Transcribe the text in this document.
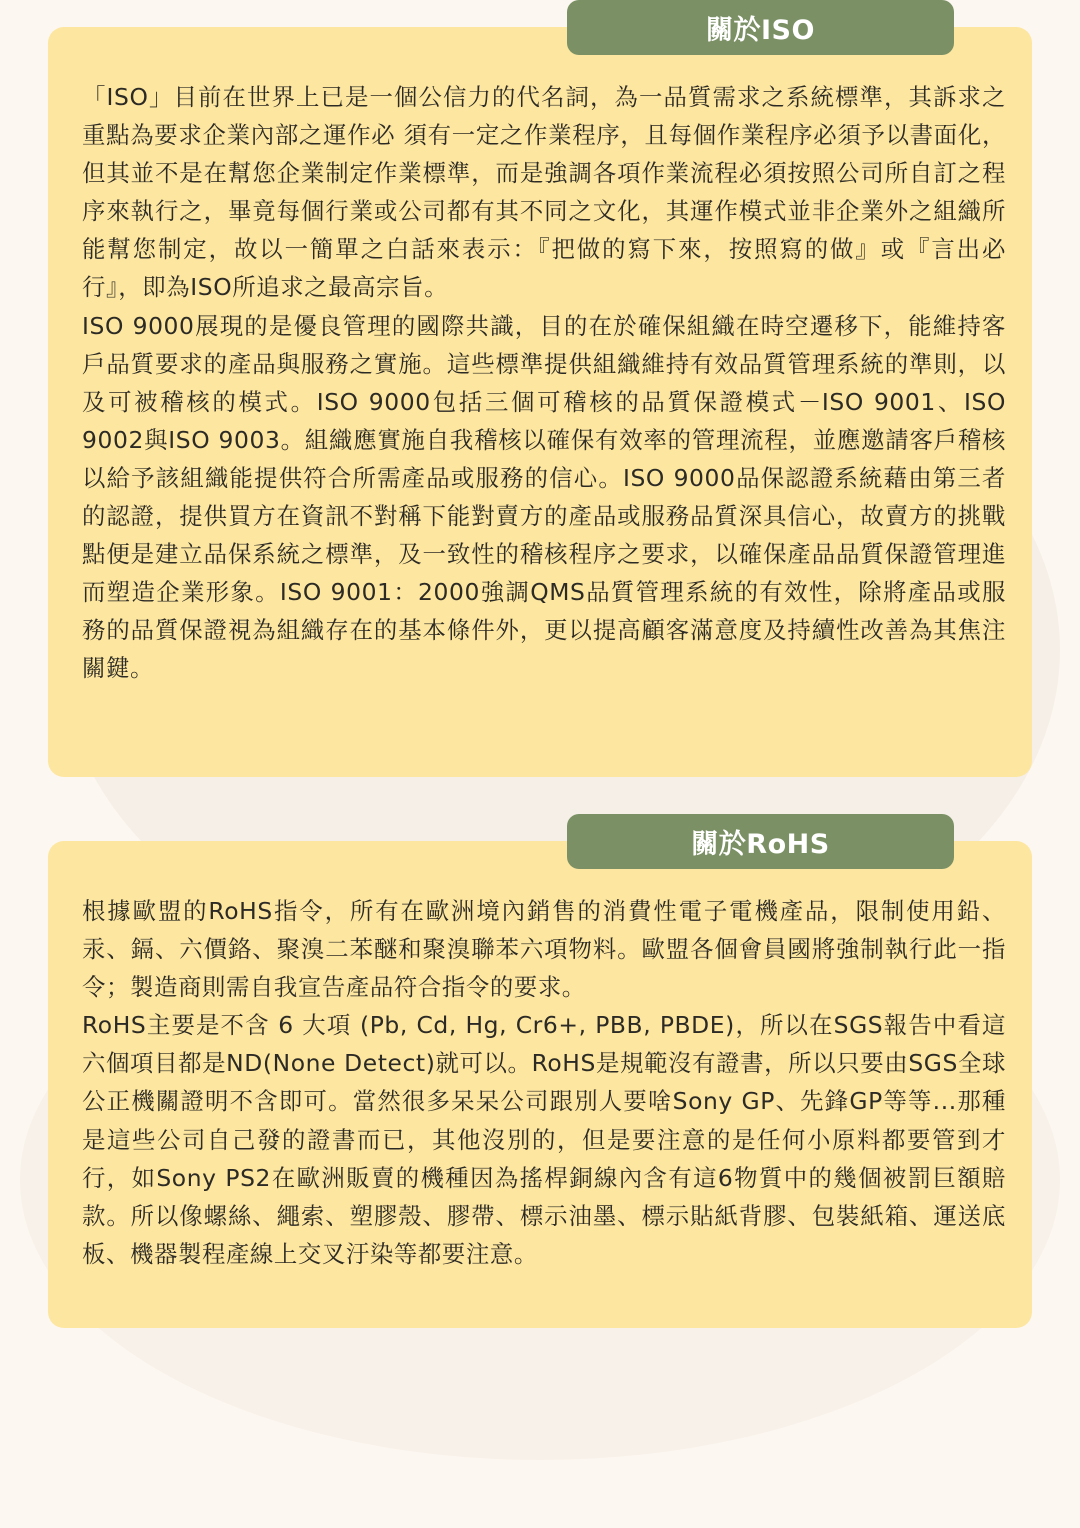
「ISO」目前在世界上已是一個公信力的代名詞，為一品質需求之系統標準，其訴求之重點為要求企業內部之運作必 須有一定之作業程序，且每個作業程序必須予以書面化，但其並不是在幫您企業制定作業標準，而是強調各項作業流程必須按照公司所自訂之程序來執行之，畢竟每個行業或公司都有其不同之文化，其運作模式並非企業外之組織所能幫您制定，故以一簡單之白話來表示：『把做的寫下來，按照寫的做』或『言出必行』，即為ISO所追求之最高宗旨。

ISO 9000展現的是優良管理的國際共識，目的在於確保組織在時空遷移下，能維持客戶品質要求的產品與服務之實施。這些標準提供組織維持有效品質管理系統的準則，以及可被稽核的模式。ISO 9000包括三個可稽核的品質保證模式－ISO 9001、ISO 9002與ISO 9003。組織應實施自我稽核以確保有效率的管理流程，並應邀請客戶稽核以給予該組織能提供符合所需產品或服務的信心。ISO 9000品保認證系統藉由第三者的認證，提供買方在資訊不對稱下能對賣方的產品或服務品質深具信心，故賣方的挑戰點便是建立品保系統之標準，及一致性的稽核程序之要求，以確保產品品質保證管理進而塑造企業形象。ISO 9001：2000強調QMS品質管理系統的有效性，除將產品或服務的品質保證視為組織存在的基本條件外，更以提高顧客滿意度及持續性改善為其焦注關鍵。

關於ISO

根據歐盟的RoHS指令，所有在歐洲境內銷售的消費性電子電機產品，限制使用鉛、汞、鎘、六價鉻、聚溴二苯醚和聚溴聯苯六項物料。歐盟各個會員國將強制執行此一指令；製造商則需自我宣告產品符合指令的要求。

RoHS主要是不含 6 大項 (Pb, Cd, Hg, Cr6+, PBB, PBDE)，所以在SGS報告中看這六個項目都是ND(None Detect)就可以。RoHS是規範沒有證書，所以只要由SGS全球公正機關證明不含即可。當然很多呆呆公司跟別人要啥Sony GP、先鋒GP等等...那種是這些公司自己發的證書而已，其他沒別的，但是要注意的是任何小原料都要管到才行，如Sony PS2在歐洲販賣的機種因為搖桿銅線內含有這6物質中的幾個被罰巨額賠款。所以像螺絲、繩索、塑膠殼、膠帶、標示油墨、標示貼紙背膠、包裝紙箱、運送底板、機器製程產線上交叉汙染等都要注意。

關於RoHS
